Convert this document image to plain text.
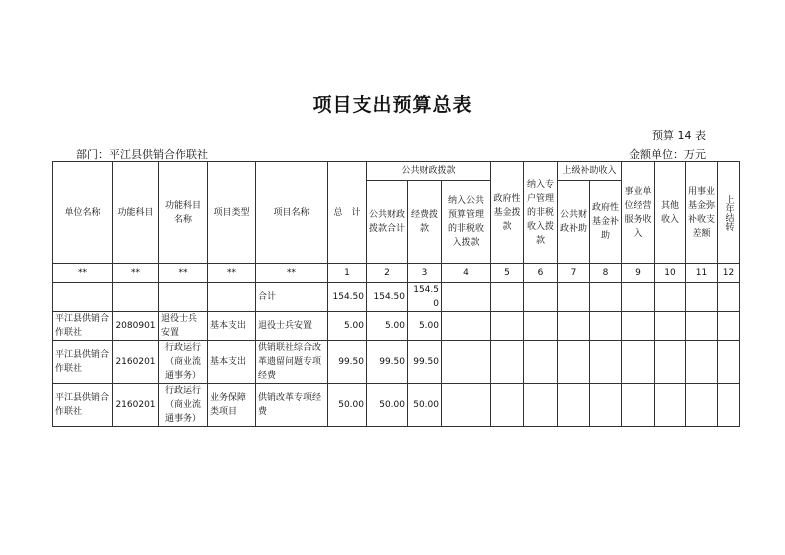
项目支出预算总表
预算 14 表
部门：平江县供销合作联社	金额单位：万元
单位名称	功能科目	功能科目名称	项目类型	项目名称	总　计	公共财政拨款			政府性基金拨款	纳入专户管理的非税收入拨款	上级补助收入		事业单位经营服务收入	其他收入	用事业基金弥补收支差额	上年结转

						公共财政拨款合计	经费拨款	纳入公共预算管理的非税收入拨款			公共财政补助	政府性基金补助				
**	**	**	**	**	1	2	3	4	5	6	7	8	9	10	11	12
				合计	154.50	154.50	154.50									
平江县供销合作联社	2080901	退役士兵安置	基本支出	退役士兵安置	5.00	5.00	5.00									
平江县供销合作联社	2160201	行政运行（商业流通事务）	基本支出	供销联社综合改革遗留问题专项经费	99.50	99.50	99.50									
平江县供销合作联社	2160201	行政运行（商业流通事务）	业务保障类项目	供销改革专项经费	50.00	50.00	50.00									
